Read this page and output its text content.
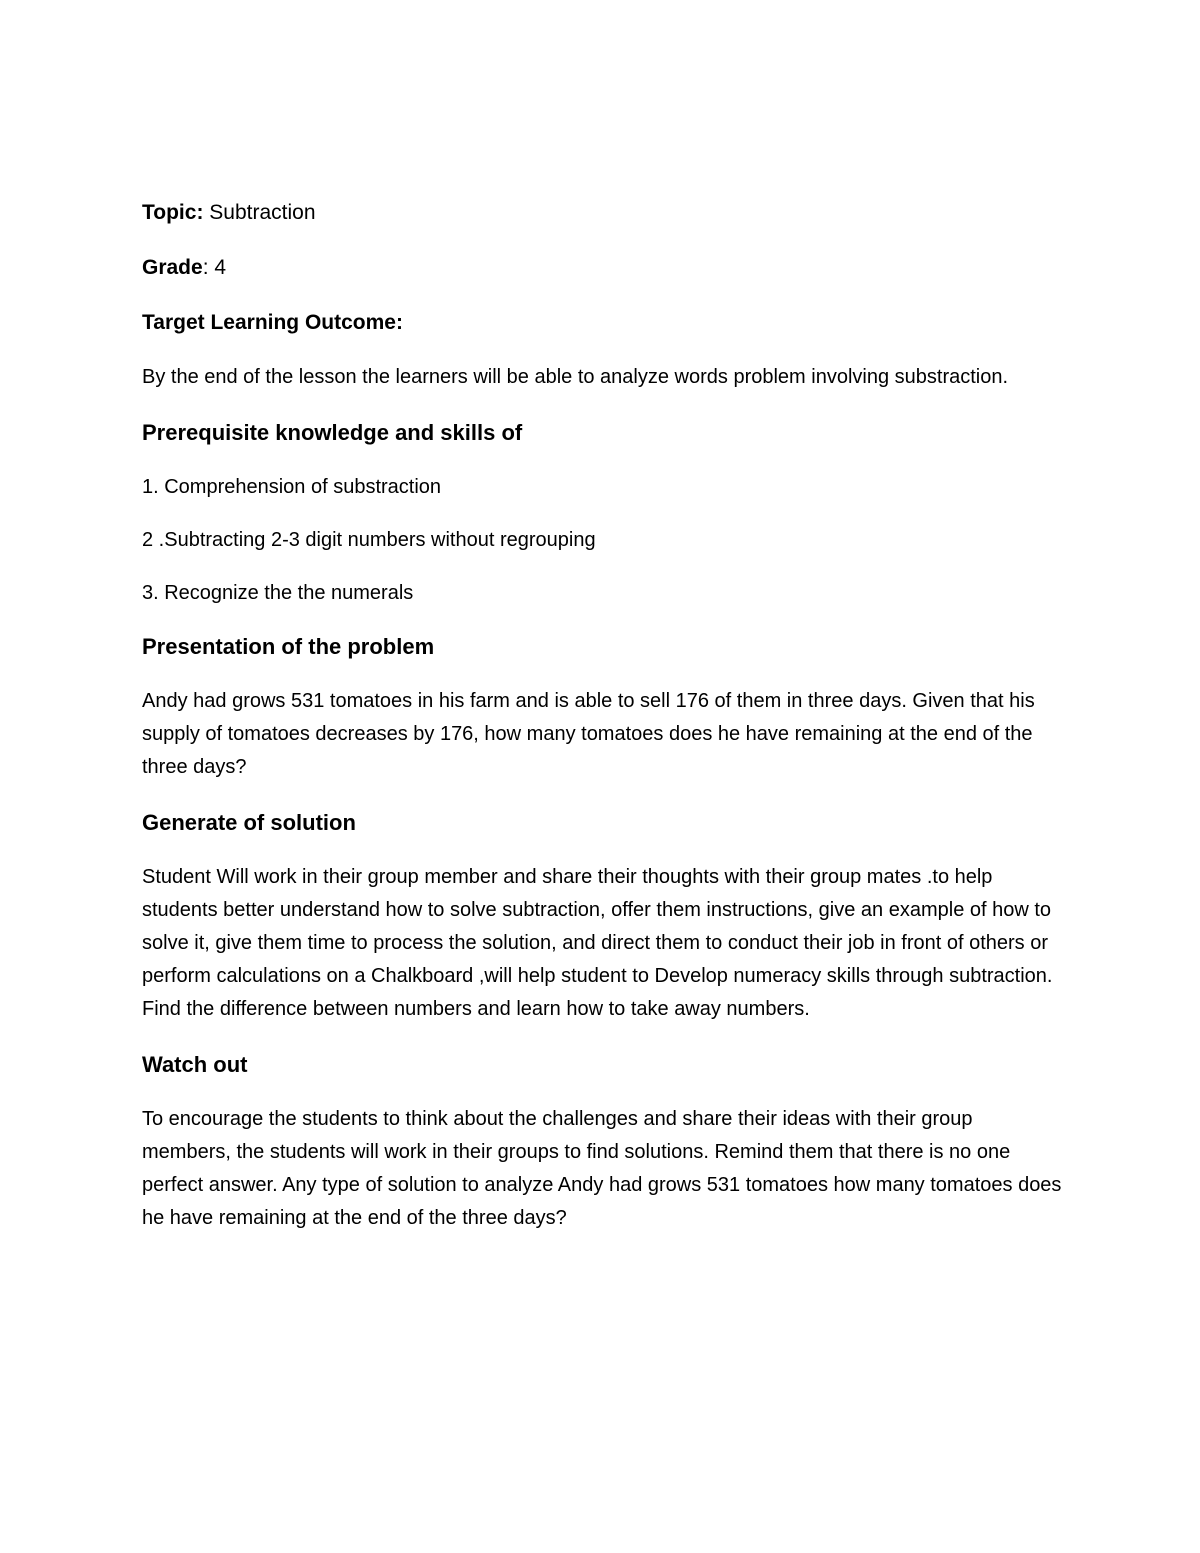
Topic: Subtraction
Grade: 4
Target Learning Outcome:
By the end of the lesson the learners will be able to analyze words problem involving substraction.
Prerequisite knowledge and skills of
1. Comprehension of substraction
2 .Subtracting 2-3 digit numbers without regrouping
3. Recognize the the numerals
Presentation of the problem
Andy had grows 531 tomatoes in his farm and is able to sell 176 of them in three days. Given that his supply of tomatoes decreases by 176, how many tomatoes does he have remaining at the end of the three days?
Generate of solution
Student Will work in their group member and share their thoughts with their group mates .to help students better understand how to solve subtraction, offer them instructions, give an example of how to solve it, give them time to process the solution, and direct them to conduct their job in front of others or perform calculations on a Chalkboard ,will help student to Develop numeracy skills through subtraction. Find the difference between numbers and learn how to take away numbers.
Watch out
To encourage the students to think about the challenges and share their ideas with their group members, the students will work in their groups to find solutions. Remind them that there is no one perfect answer. Any type of solution to analyze Andy had grows 531 tomatoes how many tomatoes does he have remaining at the end of the three days?
